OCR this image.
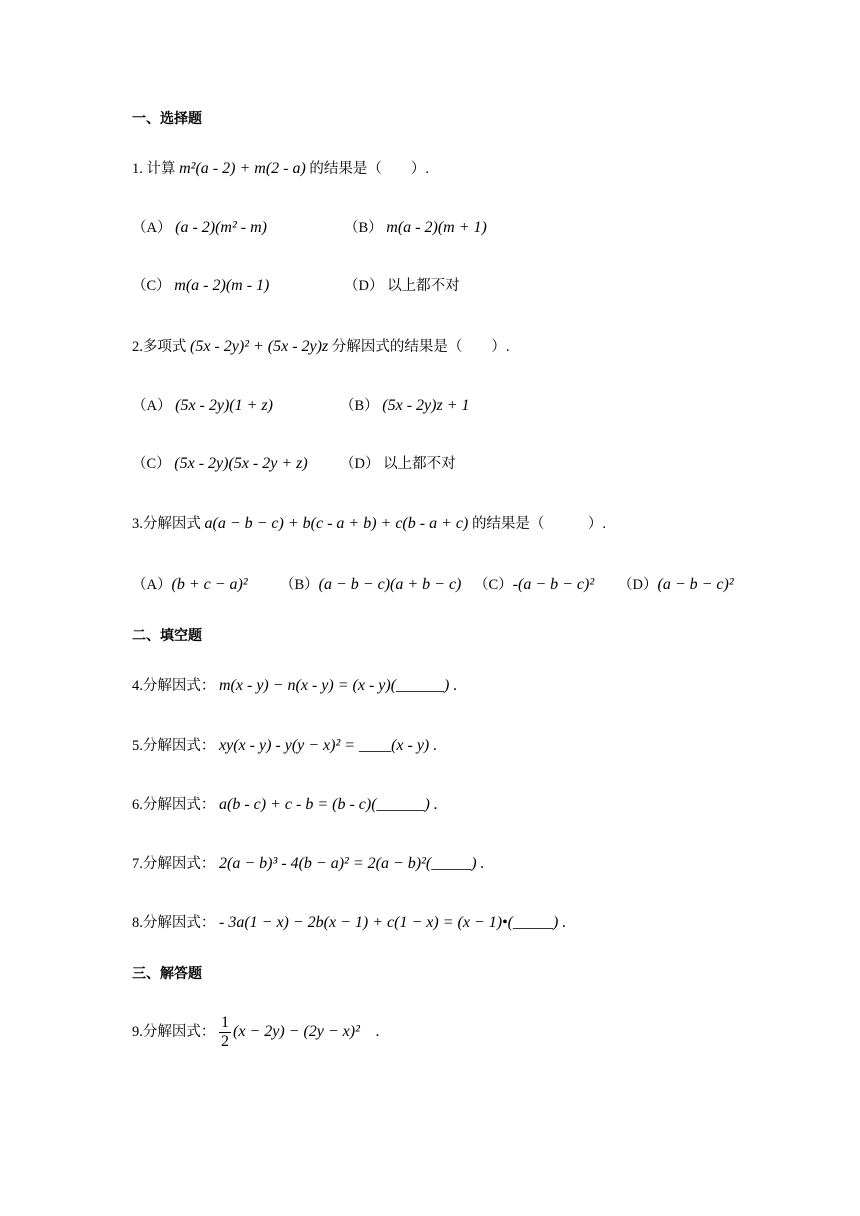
一、选择题
1. 计算 m²(a - 2) + m(2 - a) 的结果是（　　）.
（A） (a - 2)(m² - m)	（B） m(a - 2)(m + 1)
（C） m(a - 2)(m - 1)	（D） 以上都不对
2.多项式 (5x - 2y)² + (5x - 2y)z 分解因式的结果是（　　）.
（A） (5x - 2y)(1 + z)	（B） (5x - 2y)z + 1
（C） (5x - 2y)(5x - 2y + z) （D） 以上都不对
3.分解因式 a(a − b − c) + b(c - a + b) + c(b - a + c) 的结果是（　　　）.
（A）(b + c − a)² （B）(a − b − c)(a + b − c) （C）-(a − b − c)² （D）(a − b − c)²
二、填空题
4.分解因式： m(x - y) − n(x - y) = (x - y)(______) .
5.分解因式： xy(x - y) - y(y − x)² = ____(x - y) .
6.分解因式： a(b - c) + c - b = (b - c)(______) .
7.分解因式： 2(a − b)³ - 4(b − a)² = 2(a − b)²(_____) .
8.分解因式： - 3a(1 − x) − 2b(x − 1) + c(1 − x) = (x − 1)•(_____) .
三、解答题
9.分解因式： $\frac{1}{2} (x - 2y) - (2y - x)^2$　.
